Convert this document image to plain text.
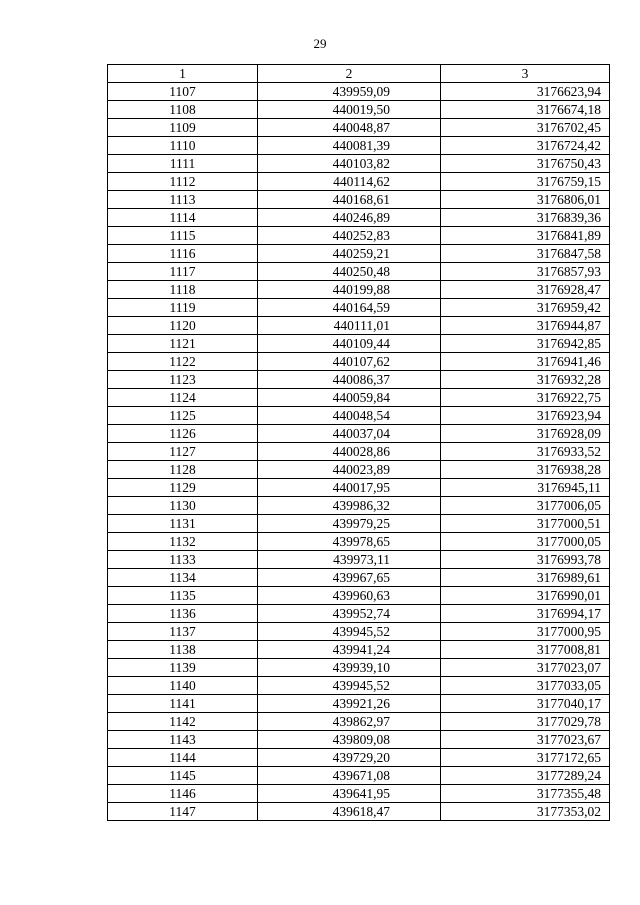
29
1	2	3
1107	439959,09	3176623,94
1108	440019,50	3176674,18
1109	440048,87	3176702,45
1110	440081,39	3176724,42
1111	440103,82	3176750,43
1112	440114,62	3176759,15
1113	440168,61	3176806,01
1114	440246,89	3176839,36
1115	440252,83	3176841,89
1116	440259,21	3176847,58
1117	440250,48	3176857,93
1118	440199,88	3176928,47
1119	440164,59	3176959,42
1120	440111,01	3176944,87
1121	440109,44	3176942,85
1122	440107,62	3176941,46
1123	440086,37	3176932,28
1124	440059,84	3176922,75
1125	440048,54	3176923,94
1126	440037,04	3176928,09
1127	440028,86	3176933,52
1128	440023,89	3176938,28
1129	440017,95	3176945,11
1130	439986,32	3177006,05
1131	439979,25	3177000,51
1132	439978,65	3177000,05
1133	439973,11	3176993,78
1134	439967,65	3176989,61
1135	439960,63	3176990,01
1136	439952,74	3176994,17
1137	439945,52	3177000,95
1138	439941,24	3177008,81
1139	439939,10	3177023,07
1140	439945,52	3177033,05
1141	439921,26	3177040,17
1142	439862,97	3177029,78
1143	439809,08	3177023,67
1144	439729,20	3177172,65
1145	439671,08	3177289,24
1146	439641,95	3177355,48
1147	439618,47	3177353,02
